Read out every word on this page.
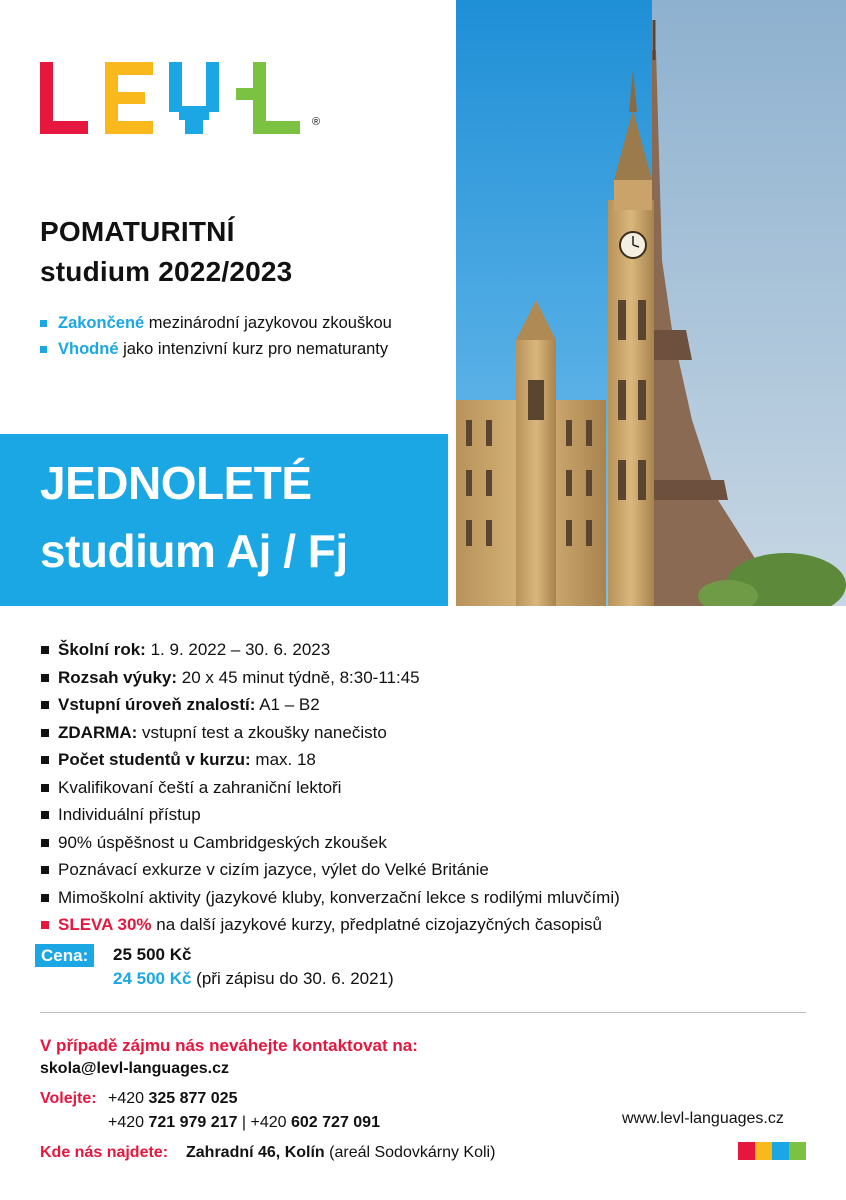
®
POMATURITNÍ
studium 2022/2023
Zakončené mezinárodní jazykovou zkouškou
Vhodné jako intenzivní kurz pro nematuranty
JEDNOLETÉ
studium Aj / Fj
Školní rok: 1. 9. 2022 – 30. 6. 2023
Rozsah výuky: 20 x 45 minut týdně, 8:30-11:45
Vstupní úroveň znalostí: A1 – B2
ZDARMA: vstupní test a zkoušky nanečisto
Počet studentů v kurzu: max. 18
Kvalifikovaní čeští a zahraniční lektoři
Individuální přístup
90% úspěšnost u Cambridgeských zkoušek
Poznávací exkurze v cizím jazyce, výlet do Velké Británie
Mimoškolní aktivity (jazykové kluby, konverzační lekce s rodilými mluvčími)
SLEVA 30% na další jazykové kurzy, předplatné cizojazyčných časopisů
Cena:	25 500 Kč
24 500 Kč (při zápisu do 30. 6. 2021)
V případě zájmu nás neváhejte kontaktovat na:
skola@levl-languages.cz
Volejte: +420 325 877 025
+420 721 979 217 | +420 602 727 091
Kde nás najdete: Zahradní 46, Kolín (areál Sodovkárny Koli)
www.levl-languages.cz
